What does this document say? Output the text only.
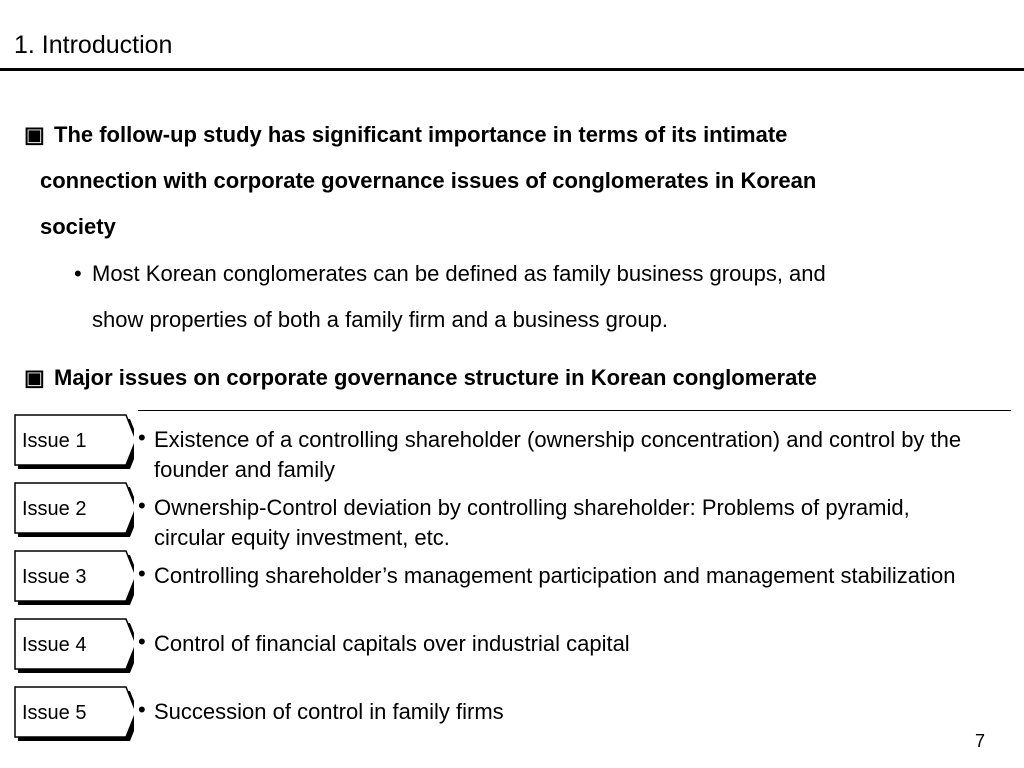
1. Introduction
▣ The follow-up study has significant importance in terms of its intimate
connection with corporate governance issues of conglomerates in Korean
society
• Most Korean conglomerates can be defined as family business groups, and
show properties of both a family firm and a business group.
▣ Major issues on corporate governance structure in Korean conglomerate
Issue 1 • Existence of a controlling shareholder (ownership concentration) and control by the founder and family
Issue 2 • Ownership-Control deviation by controlling shareholder: Problems of pyramid, circular equity investment, etc.
Issue 3 • Controlling shareholder’s management participation and management stabilization
Issue 4 • Control of financial capitals over industrial capital
Issue 5 • Succession of control in family firms
7
